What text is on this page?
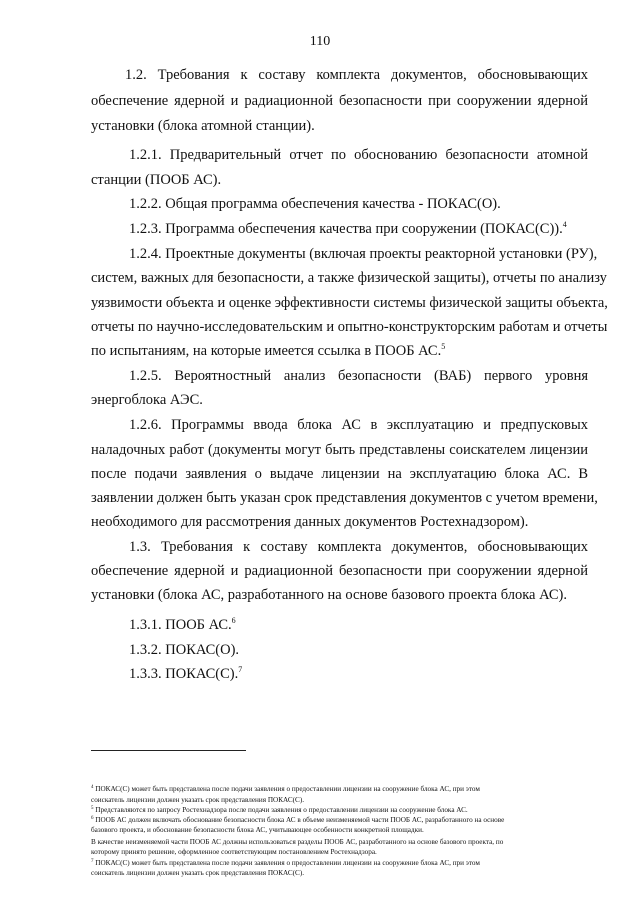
110
1.2. Требования к составу комплекта документов, обосновывающих
обеспечение ядерной и радиационной безопасности при сооружении ядерной
установки (блока атомной станции).
1.2.1. Предварительный отчет по обоснованию безопасности атомной
станции (ПООБ АС).
1.2.2. Общая программа обеспечения качества - ПОКАС(О).
1.2.3. Программа обеспечения качества при сооружении (ПОКАС(С)).$^4$
1.2.4. Проектные документы (включая проекты реакторной установки (РУ),
систем, важных для безопасности, а также физической защиты), отчеты по анализу
уязвимости объекта и оценке эффективности системы физической защиты объекта,
отчеты по научно-исследовательским и опытно-конструкторским работам и отчеты
по испытаниям, на которые имеется ссылка в ПООБ АС.$^5$
1.2.5. Вероятностный анализ безопасности (ВАБ) первого уровня
энергоблока АЭС.
1.2.6. Программы ввода блока АС в эксплуатацию и предпусковых
наладочных работ (документы могут быть представлены соискателем лицензии
после подачи заявления о выдаче лицензии на эксплуатацию блока АС. В
заявлении должен быть указан срок представления документов с учетом времени,
необходимого для рассмотрения данных документов Ростехнадзором).
1.3. Требования к составу комплекта документов, обосновывающих
обеспечение ядерной и радиационной безопасности при сооружении ядерной
установки (блока АС, разработанного на основе базового проекта блока АС).
1.3.1. ПООБ АС.$^6$
1.3.2. ПОКАС(О).
1.3.3. ПОКАС(С).$^7$
$^4$ ПОКАС(С) может быть представлена после подачи заявления о предоставлении лицензии на сооружение блока АС, при этом
соискатель лицензии должен указать срок представления ПОКАС(С).
$^5$ Представляются по запросу Ростехнадзора после подачи заявления о предоставлении лицензии на сооружение блока АС.
$^6$ ПООБ АС должен включать обоснование безопасности блока АС в объеме неизменяемой части ПООБ АС, разработанного на основе
базового проекта, и обоснование безопасности блока АС, учитывающее особенности конкретной площадки.
В качестве неизменяемой части ПООБ АС должны использоваться разделы ПООБ АС, разработанного на основе базового проекта, по
которому принято решение, оформленное соответствующим постановлением Ростехнадзора.
$^7$ ПОКАС(С) может быть представлена после подачи заявления о предоставлении лицензии на сооружение блока АС, при этом
соискатель лицензии должен указать срок представления ПОКАС(С).
